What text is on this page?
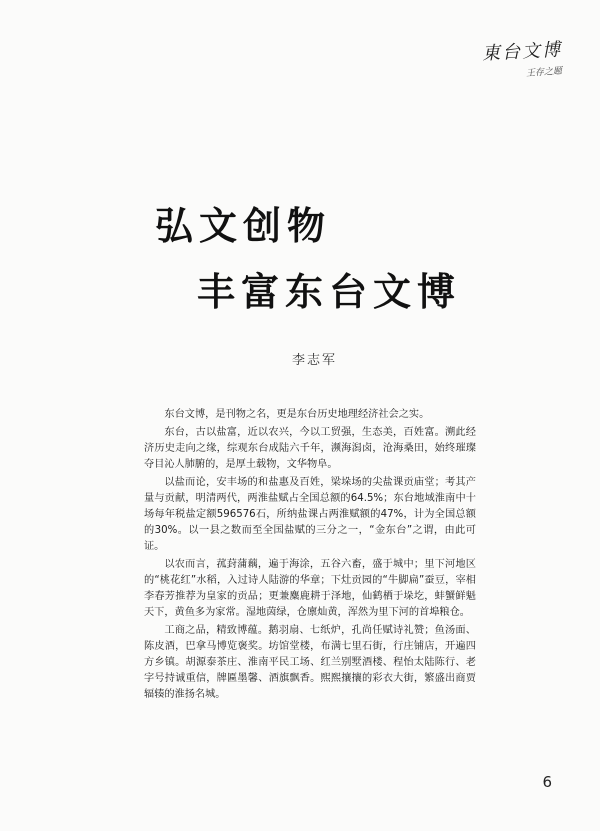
東台文博
王存之题
弘文创物
丰富东台文博
李志军

东台文博，是刊物之名，更是东台历史地理经济社会之实。

东台，古以盐富，近以农兴，今以工贸强，生态美，百姓富。溯此经济历史走向之缘，综观东台成陆六千年，濒海潟卤，沧海桑田，始终璀璨夺目沁人肺腑的，是厚土载物，文华物阜。

以盐而论，安丰场的和盐惠及百姓，梁垛场的尖盐课贡庙堂；考其产量与贡献，明清两代，两淮盐赋占全国总额的64.5%；东台地域淮南中十场每年税盐定额596576石，所纳盐课占两淮赋额的47%，计为全国总额的30%。以一县之数而至全国盐赋的三分之一，“金东台”之谓，由此可证。

以农而言，菰葑蒲藕，遍于海涂，五谷六畜，盛于城中；里下河地区的“桃花红”水稻，入过诗人陆游的华章；下灶贡园的“牛脚扁”蚕豆，宰相李春芳推荐为皇家的贡品；更兼麋鹿耕于泽地，仙鹤栖于垛圪，蚌蟹鲜魁天下，黄鱼多为家常。湿地茵绿，仓廪灿黄，浑然为里下河的首埠粮仓。

工商之品，精致博蕴。鹅羽扇、七纸炉，孔尚任赋诗礼赞；鱼汤面、陈皮酒，巴拿马博览褒奖。坊馆堂楼，布满七里石街，行庄铺店，开遍四方乡镇。胡源泰茶庄、淮南平民工场、红兰别墅酒楼、程怡太陆陈行、老字号持诚重信，牌匾墨馨、酒旗飘香。熙熙攘攘的彩衣大街，繁盛出商贾辐辏的淮扬名城。

6
